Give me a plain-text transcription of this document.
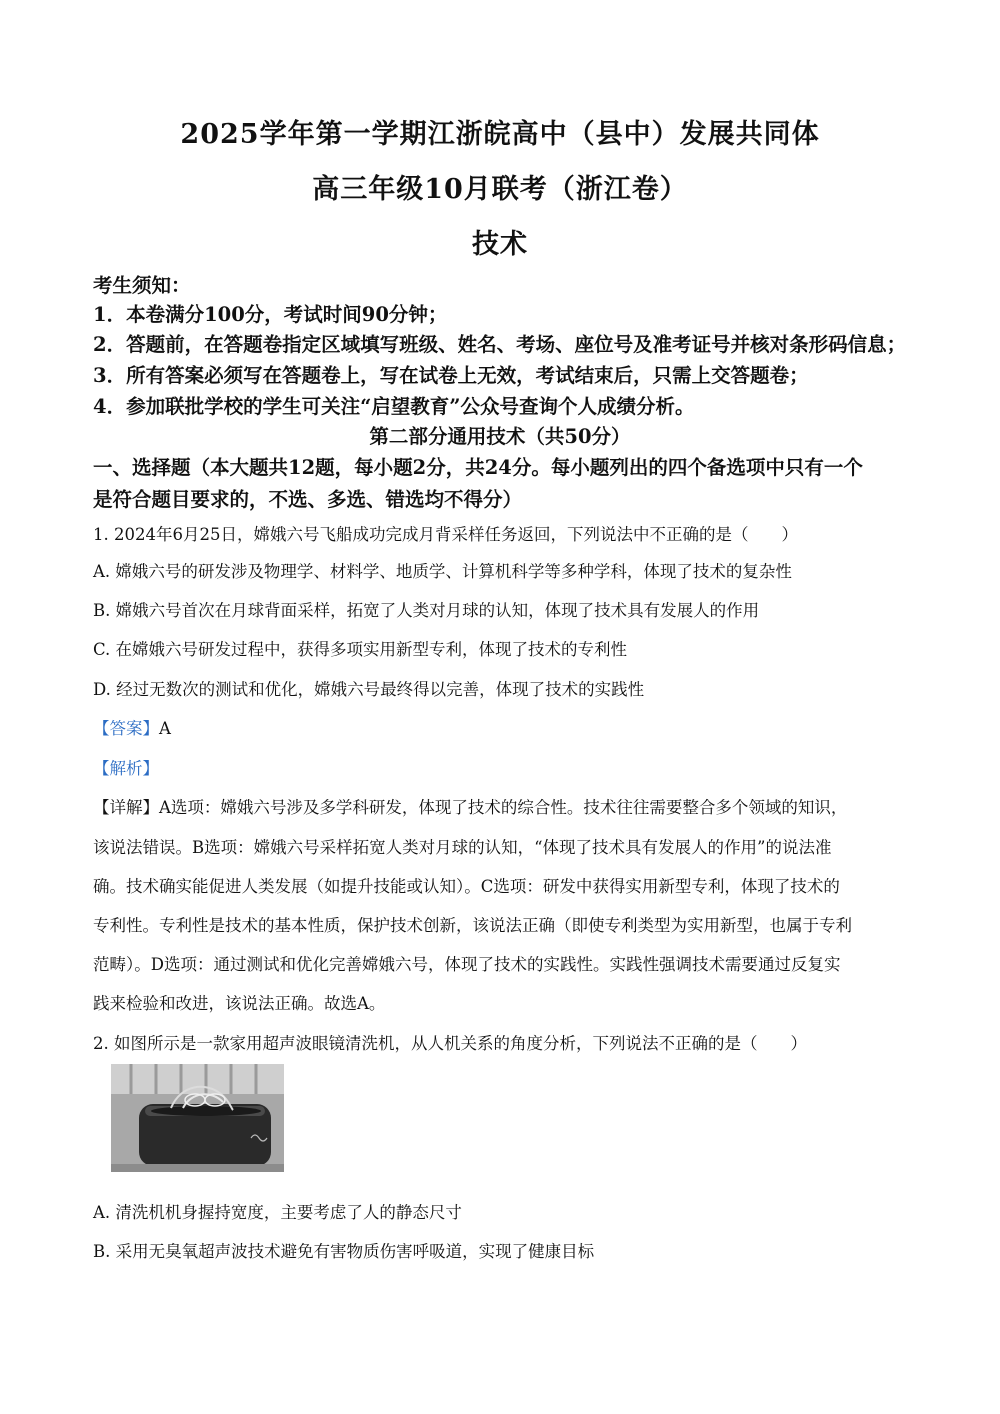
2025学年第一学期江浙皖高中（县中）发展共同体
高三年级10月联考（浙江卷）
技术
考生须知：
1．本卷满分100分，考试时间90分钟；
2．答题前，在答题卷指定区域填写班级、姓名、考场、座位号及准考证号并核对条形码信息；
3．所有答案必须写在答题卷上，写在试卷上无效，考试结束后，只需上交答题卷；
4．参加联批学校的学生可关注“启望教育”公众号查询个人成绩分析。
第二部分通用技术（共50分）
一、选择题（本大题共12题，每小题2分，共24分。每小题列出的四个备选项中只有一个
是符合题目要求的，不选、多选、错选均不得分）
1. 2024年6月25日，嫦娥六号飞船成功完成月背采样任务返回，下列说法中不正确的是（　　）
A. 嫦娥六号的研发涉及物理学、材料学、地质学、计算机科学等多种学科，体现了技术的复杂性
B. 嫦娥六号首次在月球背面采样，拓宽了人类对月球的认知，体现了技术具有发展人的作用
C. 在嫦娥六号研发过程中，获得多项实用新型专利，体现了技术的专利性
D. 经过无数次的测试和优化，嫦娥六号最终得以完善，体现了技术的实践性
【答案】A
【解析】
【详解】A选项：嫦娥六号涉及多学科研发，体现了技术的综合性。技术往往需要整合多个领域的知识，
该说法错误。B选项：嫦娥六号采样拓宽人类对月球的认知，“体现了技术具有发展人的作用”的说法准
确。技术确实能促进人类发展（如提升技能或认知）。C选项：研发中获得实用新型专利，体现了技术的
专利性。专利性是技术的基本性质，保护技术创新，该说法正确（即使专利类型为实用新型，也属于专利
范畴）。D选项：通过测试和优化完善嫦娥六号，体现了技术的实践性。实践性强调技术需要通过反复实
践来检验和改进，该说法正确。故选A。
2. 如图所示是一款家用超声波眼镜清洗机，从人机关系的角度分析，下列说法不正确的是（　　）
A. 清洗机机身握持宽度，主要考虑了人的静态尺寸
B. 采用无臭氧超声波技术避免有害物质伤害呼吸道，实现了健康目标
